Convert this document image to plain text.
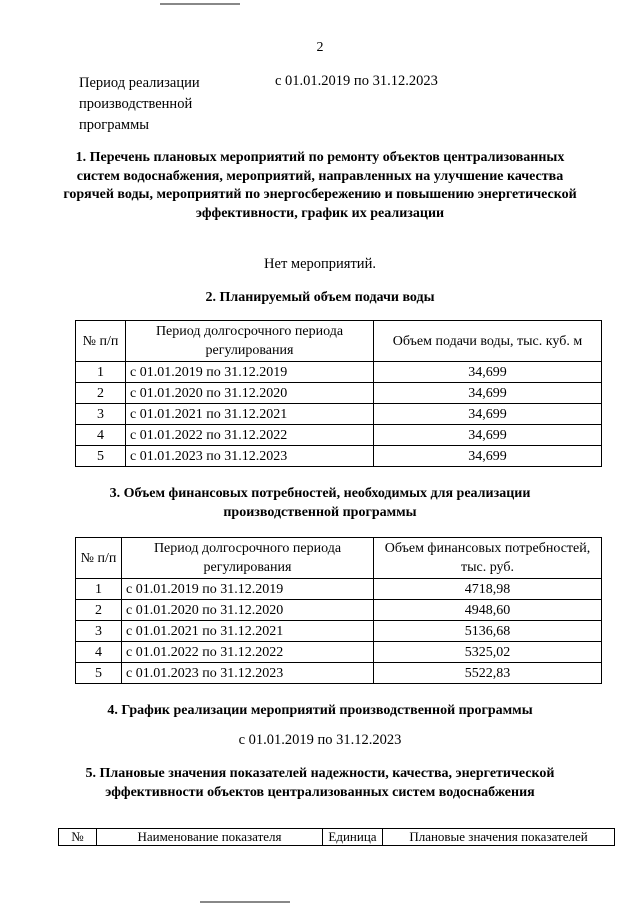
2
Период реализации производственной программы
с 01.01.2019 по 31.12.2023
1. Перечень плановых мероприятий по ремонту объектов централизованных систем водоснабжения, мероприятий, направленных на улучшение качества горячей воды, мероприятий по энергосбережению и повышению энергетической эффективности, график их реализации
Нет мероприятий.
2. Планируемый объем подачи воды
№ п/п	Период долгосрочного периода регулирования	Объем подачи воды, тыс. куб. м
1	с 01.01.2019 по 31.12.2019	34,699
2	с 01.01.2020 по 31.12.2020	34,699
3	с 01.01.2021 по 31.12.2021	34,699
4	с 01.01.2022 по 31.12.2022	34,699
5	с 01.01.2023 по 31.12.2023	34,699
3. Объем финансовых потребностей, необходимых для реализации производственной программы
№ п/п	Период долгосрочного периода регулирования	Объем финансовых потребностей, тыс. руб.
1	с 01.01.2019 по 31.12.2019	4718,98
2	с 01.01.2020 по 31.12.2020	4948,60
3	с 01.01.2021 по 31.12.2021	5136,68
4	с 01.01.2022 по 31.12.2022	5325,02
5	с 01.01.2023 по 31.12.2023	5522,83
4. График реализации мероприятий производственной программы
с 01.01.2019 по 31.12.2023
5. Плановые значения показателей надежности, качества, энергетической эффективности объектов централизованных систем водоснабжения
№	Наименование показателя	Единица	Плановые значения показателей
